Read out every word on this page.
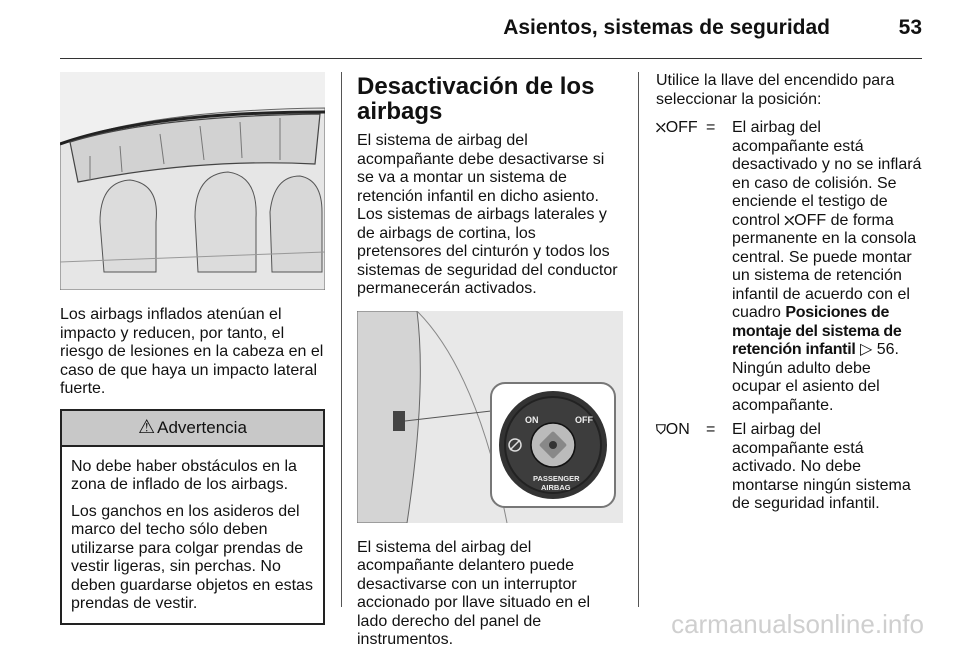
Asientos, sistemas de seguridad	53

Los airbags inflados atenúan el impacto y reducen, por tanto, el riesgo de lesiones en la cabeza en el caso de que haya un impacto lateral fuerte.

⚠ Advertencia

No debe haber obstáculos en la zona de inflado de los airbags.

Los ganchos en los asideros del marco del techo sólo deben utilizarse para colgar prendas de vestir ligeras, sin perchas. No deben guardarse objetos en estas prendas de vestir.

Desactivación de los airbags

El sistema de airbag del acompañante debe desactivarse si se va a montar un sistema de retención infantil en dicho asiento. Los sistemas de airbags laterales y de airbags de cortina, los pretensores del cinturón y todos los sistemas de seguridad del conductor permanecerán activados.

ON	OFF
PASSENGER
AIRBAG

El sistema del airbag del acompañante delantero puede desactivarse con un interruptor accionado por llave situado en el lado derecho del panel de instrumentos.

Utilice la llave del encendido para seleccionar la posición:

⛌OFF =	El airbag del acompañante está desactivado y no se inflará en caso de colisión. Se enciende el testigo de control ⛌OFF de forma permanente en la consola central. Se puede montar un sistema de retención infantil de acuerdo con el cuadro Posiciones de montaje del sistema de retención infantil ▷ 56.
Ningún adulto debe ocupar el asiento del acompañante.
⛉ON	=	El airbag del acompañante está activado. No debe montarse ningún sistema de seguridad infantil.
carmanualsonline.info
